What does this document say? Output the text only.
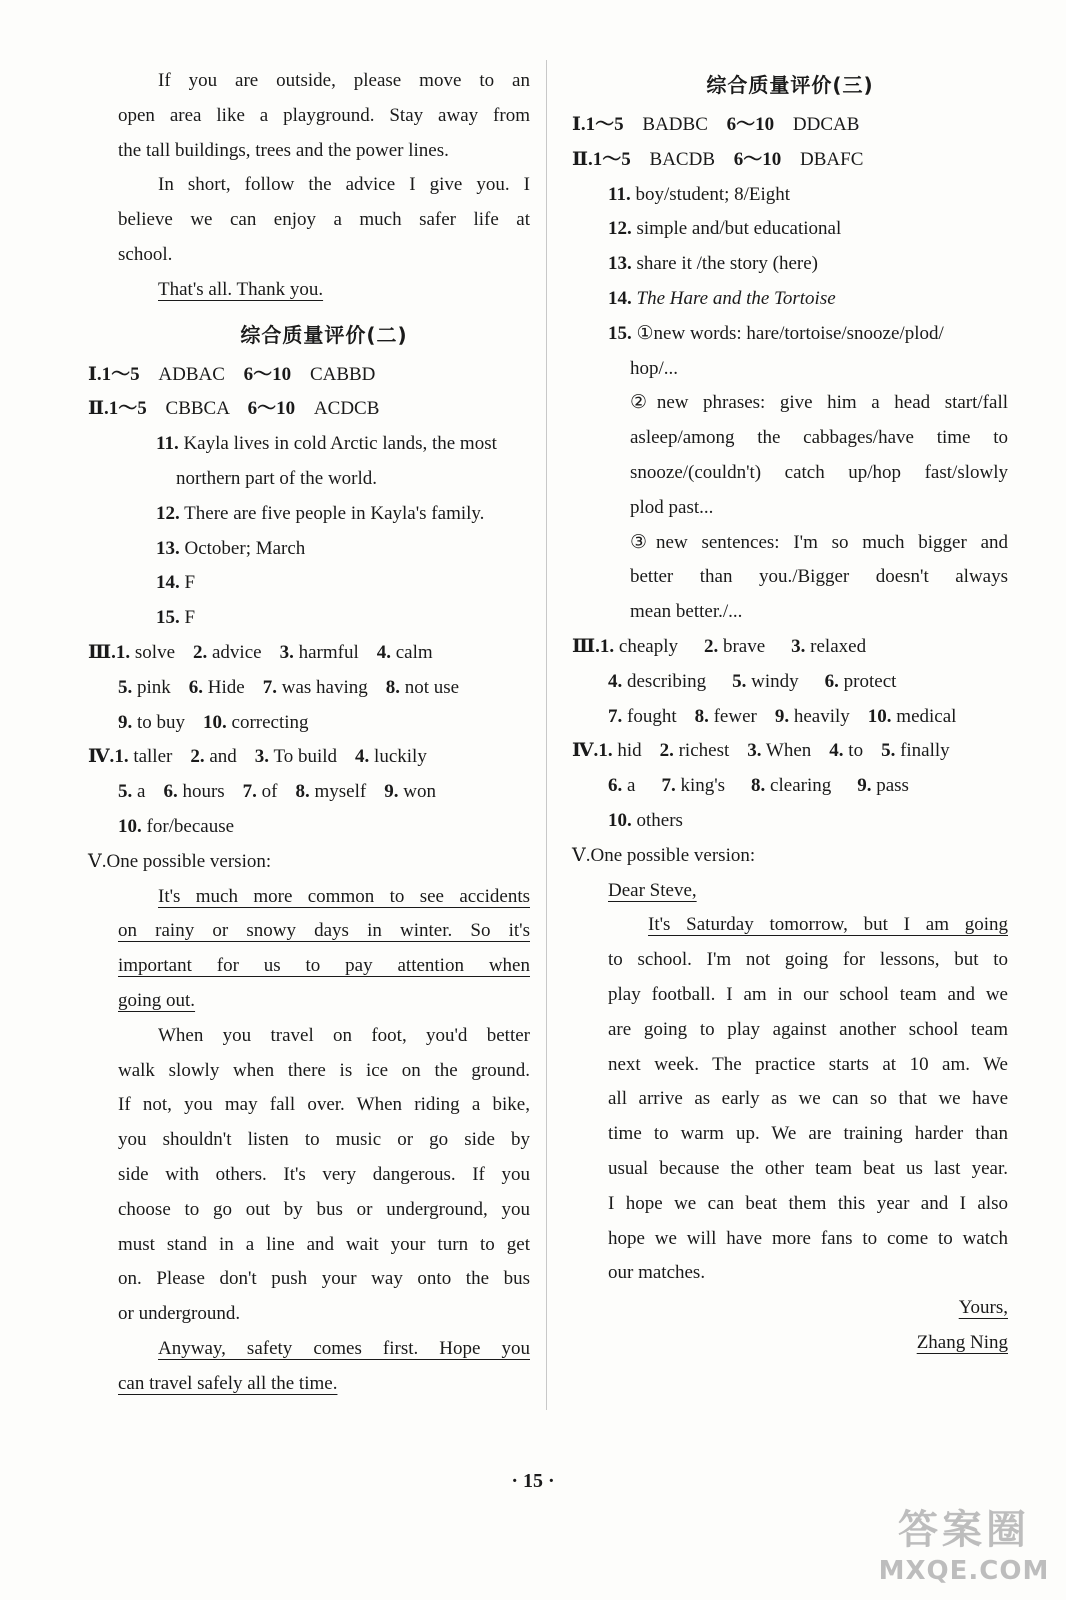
If you are outside, please move to an
open area like a playground. Stay away from
the tall buildings, trees and the power lines.
In short, follow the advice I give you. I
believe we can enjoy a much safer life at
school.
That's all. Thank you.
综合质量评价(二)
Ⅰ.1～5 ADBAC 6～10 CABBD
Ⅱ.1～5 CBBCA 6～10 ACDCB
11. Kayla lives in cold Arctic lands, the most
northern part of the world.
12. There are five people in Kayla's family.
13. October; March
14. F
15. F
Ⅲ.1. solve 2. advice 3. harmful 4. calm
5. pink 6. Hide 7. was having 8. not use
9. to buy 10. correcting
Ⅳ.1. taller 2. and 3. To build 4. luckily
5. a 6. hours 7. of 8. myself 9. won
10. for/because
Ⅴ.One possible version:
It's much more common to see accidents
on rainy or snowy days in winter. So it's
important for us to pay attention when
going out.
When you travel on foot, you'd better
walk slowly when there is ice on the ground.
If not, you may fall over. When riding a bike,
you shouldn't listen to music or go side by
side with others. It's very dangerous. If you
choose to go out by bus or underground, you
must stand in a line and wait your turn to get
on. Please don't push your way onto the bus
or underground.
Anyway, safety comes first. Hope you
can travel safely all the time.
综合质量评价(三)
Ⅰ.1～5 BADBC 6～10 DDCAB
Ⅱ.1～5 BACDB 6～10 DBAFC
11. boy/student; 8/Eight
12. simple and/but educational
13. share it /the story (here)
14. The Hare and the Tortoise
15. ①new words: hare/tortoise/snooze/plod/
hop/...
②new phrases: give him a head start/fall
asleep/among the cabbages/have time to
snooze/(couldn't) catch up/hop fast/slowly
plod past...
③new sentences: I'm so much bigger and
better than you./Bigger doesn't always
mean better./...
Ⅲ.1. cheaply 2. brave 3. relaxed
4. describing 5. windy 6. protect
7. fought 8. fewer 9. heavily 10. medical
Ⅳ.1. hid 2. richest 3. When 4. to 5. finally
6. a 7. king's 8. clearing 9. pass
10. others
Ⅴ.One possible version:
Dear Steve,
It's Saturday tomorrow, but I am going
to school. I'm not going for lessons, but to
play football. I am in our school team and we
are going to play against another school team
next week. The practice starts at 10 am. We
all arrive as early as we can so that we have
time to warm up. We are training harder than
usual because the other team beat us last year.
I hope we can beat them this year and I also
hope we will have more fans to come to watch
our matches.
Yours,
Zhang Ning
· 15 ·
答案圈
MXQE.COM
